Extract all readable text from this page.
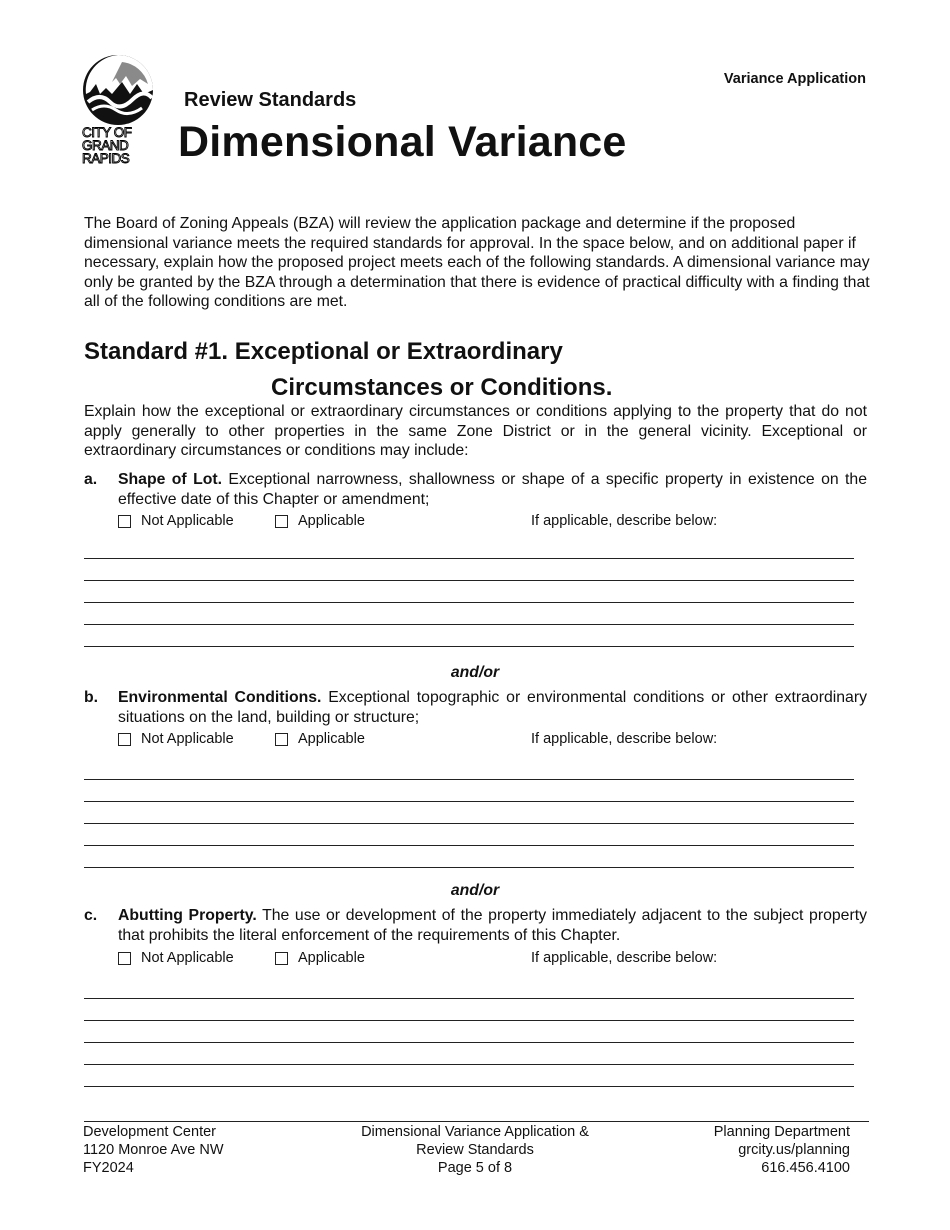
CITY OF
GRAND
RAPIDS
Variance Application
Review Standards
Dimensional Variance
The Board of Zoning Appeals (BZA) will review the application package and determine if the proposed dimensional variance meets the required standards for approval. In the space below, and on additional paper if necessary, explain how the proposed project meets each of the following standards. A dimensional variance may only be granted by the BZA through a determination that there is evidence of practical difficulty with a finding that all of the following conditions are met.
Standard #1. Exceptional or Extraordinary
Circumstances or Conditions.
Explain how the exceptional or extraordinary circumstances or conditions applying to the property that do not apply generally to other properties in the same Zone District or in the general vicinity. Exceptional or extraordinary circumstances or conditions may include:
a. Shape of Lot. Exceptional narrowness, shallowness or shape of a specific property in existence on the effective date of this Chapter or amendment;
Not Applicable	Applicable	If applicable, describe below:
and/or
b. Environmental Conditions. Exceptional topographic or environmental conditions or other extraordinary situations on the land, building or structure;
Not Applicable	Applicable	If applicable, describe below:
and/or
c. Abutting Property. The use or development of the property immediately adjacent to the subject property that prohibits the literal enforcement of the requirements of this Chapter.
Not Applicable	Applicable	If applicable, describe below:
Development Center
1120 Monroe Ave NW
FY2024
Dimensional Variance Application &
Review Standards
Page 5 of 8
Planning Department
grcity.us/planning
616.456.4100
